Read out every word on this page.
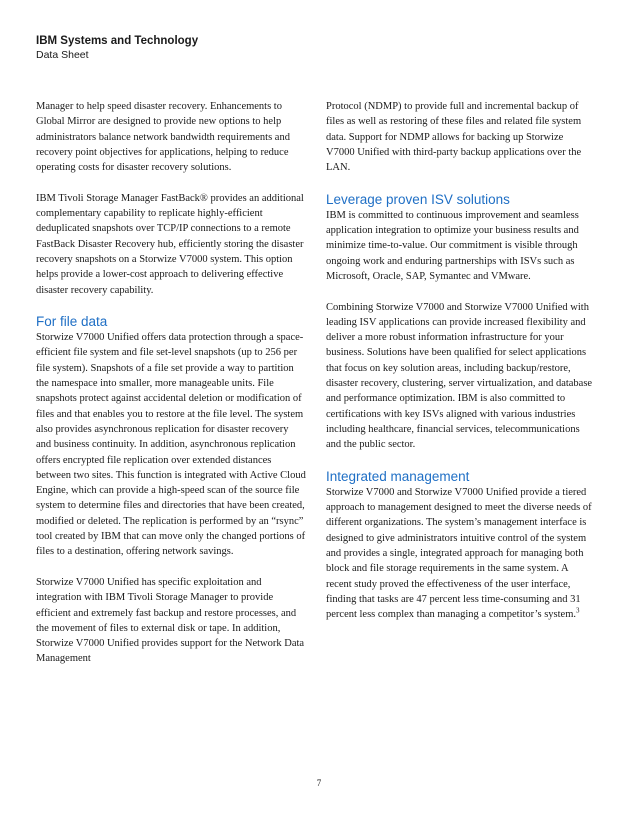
IBM Systems and Technology
Data Sheet

Manager to help speed disaster recovery. Enhancements to Global Mirror are designed to provide new options to help administrators balance network bandwidth requirements and recovery point objectives for applications, helping to reduce operating costs for disaster recovery solutions.

IBM Tivoli Storage Manager FastBack® provides an additional complementary capability to replicate highly-efficient deduplicated snapshots over TCP/IP connections to a remote FastBack Disaster Recovery hub, efficiently storing the disaster recovery snapshots on a Storwize V7000 system. This option helps provide a lower-cost approach to delivering effective disaster recovery capability.

For file data

Storwize V7000 Unified offers data protection through a space-efficient file system and file set-level snapshots (up to 256 per file system). Snapshots of a file set provide a way to partition the namespace into smaller, more manageable units. File snapshots protect against accidental deletion or modification of files and that enables you to restore at the file level. The system also provides asynchronous replication for disaster recovery and business continuity. In addition, asynchronous replication offers encrypted file replication over extended distances between two sites. This function is integrated with Active Cloud Engine, which can provide a high-speed scan of the source file system to determine files and directories that have been created, modified or deleted. The replication is performed by an “rsync” tool created by IBM that can move only the changed portions of files to a destination, offering network savings.

Storwize V7000 Unified has specific exploitation and integration with IBM Tivoli Storage Manager to provide efficient and extremely fast backup and restore processes, and the movement of files to external disk or tape. In addition, Storwize V7000 Unified provides support for the Network Data Management

Protocol (NDMP) to provide full and incremental backup of files as well as restoring of these files and related file system data. Support for NDMP allows for backing up Storwize V7000 Unified with third-party backup applications over the LAN.

Leverage proven ISV solutions

IBM is committed to continuous improvement and seamless application integration to optimize your business results and minimize time-to-value. Our commitment is visible through ongoing work and enduring partnerships with ISVs such as Microsoft, Oracle, SAP, Symantec and VMware.

Combining Storwize V7000 and Storwize V7000 Unified with leading ISV applications can provide increased flexibility and deliver a more robust information infrastructure for your business. Solutions have been qualified for select applications that focus on key solution areas, including backup/restore, disaster recovery, clustering, server virtualization, and database and performance optimization. IBM is also committed to certifications with key ISVs aligned with various industries including healthcare, financial services, telecommunications and the public sector.

Integrated management

Storwize V7000 and Storwize V7000 Unified provide a tiered approach to management designed to meet the diverse needs of different organizations. The system’s management interface is designed to give administrators intuitive control of the system and provides a single, integrated approach for managing both block and file storage requirements in the same system. A recent study proved the effectiveness of the user interface, finding that tasks are 47 percent less time-consuming and 31 percent less complex than managing a competitor’s system.$^3$

7
